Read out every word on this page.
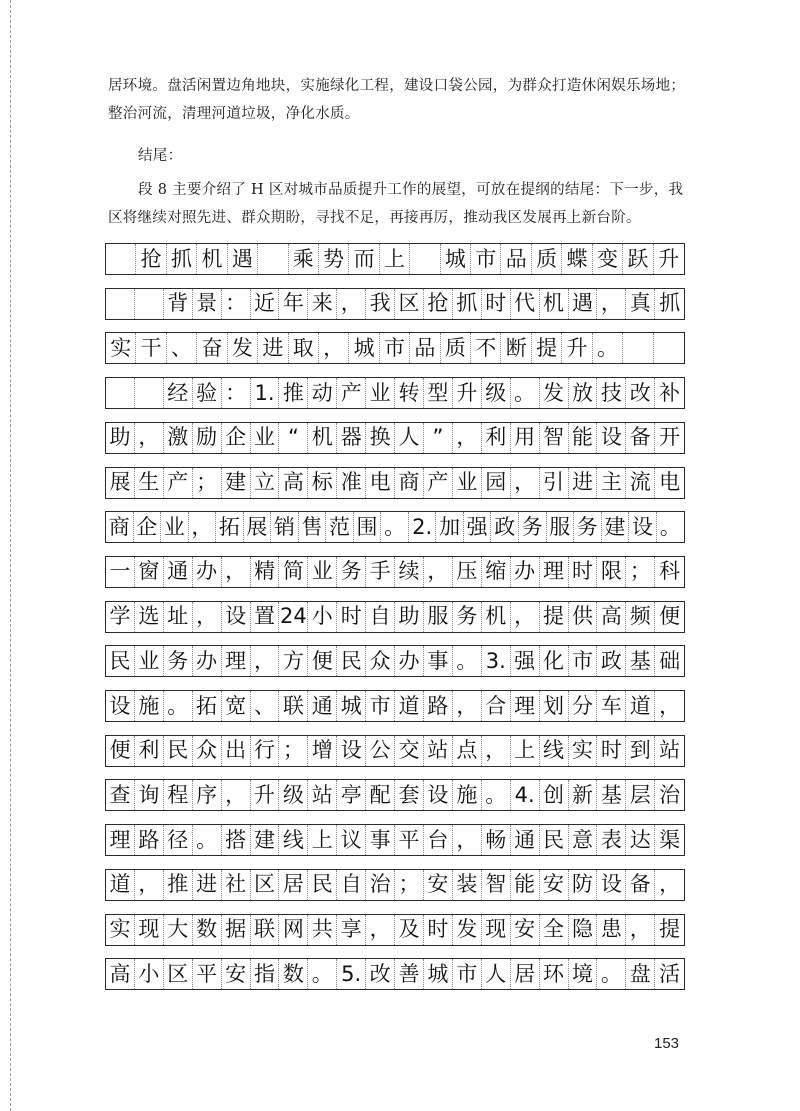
居环境。盘活闲置边角地块，实施绿化工程，建设口袋公园，为群众打造休闲娱乐场地；
整治河流，清理河道垃圾，净化水质。
结尾：
段 8 主要介绍了 H 区对城市品质提升工作的展望，可放在提纲的结尾：下一步，我
区将继续对照先进、群众期盼，寻找不足，再接再厉，推动我区发展再上新台阶。
抢 抓 机 遇 乘 势 而 上 城 市 品 质 蝶 变 跃 升
背 景 ： 近 年 来 ， 我 区 抢 抓 时 代 机 遇 ， 真 抓
实 干 、 奋 发 进 取 ， 城 市 品 质 不 断 提 升 。
经 验 ： 1. 推 动 产 业 转 型 升 级 。 发 放 技 改 补
助 ， 激 励 企 业 “ 机 器 换 人 ” ， 利 用 智 能 设 备 开
展 生 产 ； 建 立 高 标 准 电 商 产 业 园 ， 引 进 主 流 电
商 企 业 ， 拓 展 销 售 范 围 。 2. 加 强 政 务 服 务 建 设 。
一 窗 通 办 ， 精 简 业 务 手 续 ， 压 缩 办 理 时 限 ； 科
学 选 址 ， 设 置 24 小 时 自 助 服 务 机 ， 提 供 高 频 便
民 业 务 办 理 ， 方 便 民 众 办 事 。 3. 强 化 市 政 基 础
设 施 。 拓 宽 、 联 通 城 市 道 路 ， 合 理 划 分 车 道 ，
便 利 民 众 出 行 ； 增 设 公 交 站 点 ， 上 线 实 时 到 站
查 询 程 序 ， 升 级 站 亭 配 套 设 施 。 4. 创 新 基 层 治
理 路 径 。 搭 建 线 上 议 事 平 台 ， 畅 通 民 意 表 达 渠
道 ， 推 进 社 区 居 民 自 治 ； 安 装 智 能 安 防 设 备 ，
实 现 大 数 据 联 网 共 享 ， 及 时 发 现 安 全 隐 患 ， 提
高 小 区 平 安 指 数 。 5. 改 善 城 市 人 居 环 境 。 盘 活
153
